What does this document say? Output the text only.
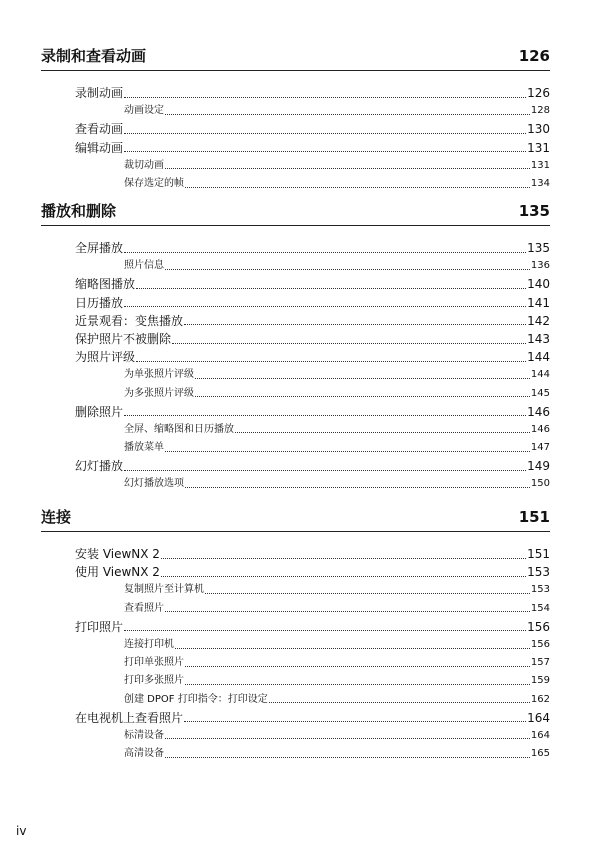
录制和查看动画	126
录制动画	126
动画设定	128
查看动画	130
编辑动画	131
裁切动画	131
保存选定的帧	134
播放和删除	135
全屏播放	135
照片信息	136
缩略图播放	140
日历播放	141
近景观看：变焦播放	142
保护照片不被删除	143
为照片评级	144
为单张照片评级	144
为多张照片评级	145
删除照片	146
全屏、缩略图和日历播放	146
播放菜单	147
幻灯播放	149
幻灯播放选项	150
连接	151
安装 ViewNX 2	151
使用 ViewNX 2	153
复制照片至计算机	153
查看照片	154
打印照片	156
连接打印机	156
打印单张照片	157
打印多张照片	159
创建 DPOF 打印指令：打印设定	162
在电视机上查看照片	164
标清设备	164
高清设备	165
iv
